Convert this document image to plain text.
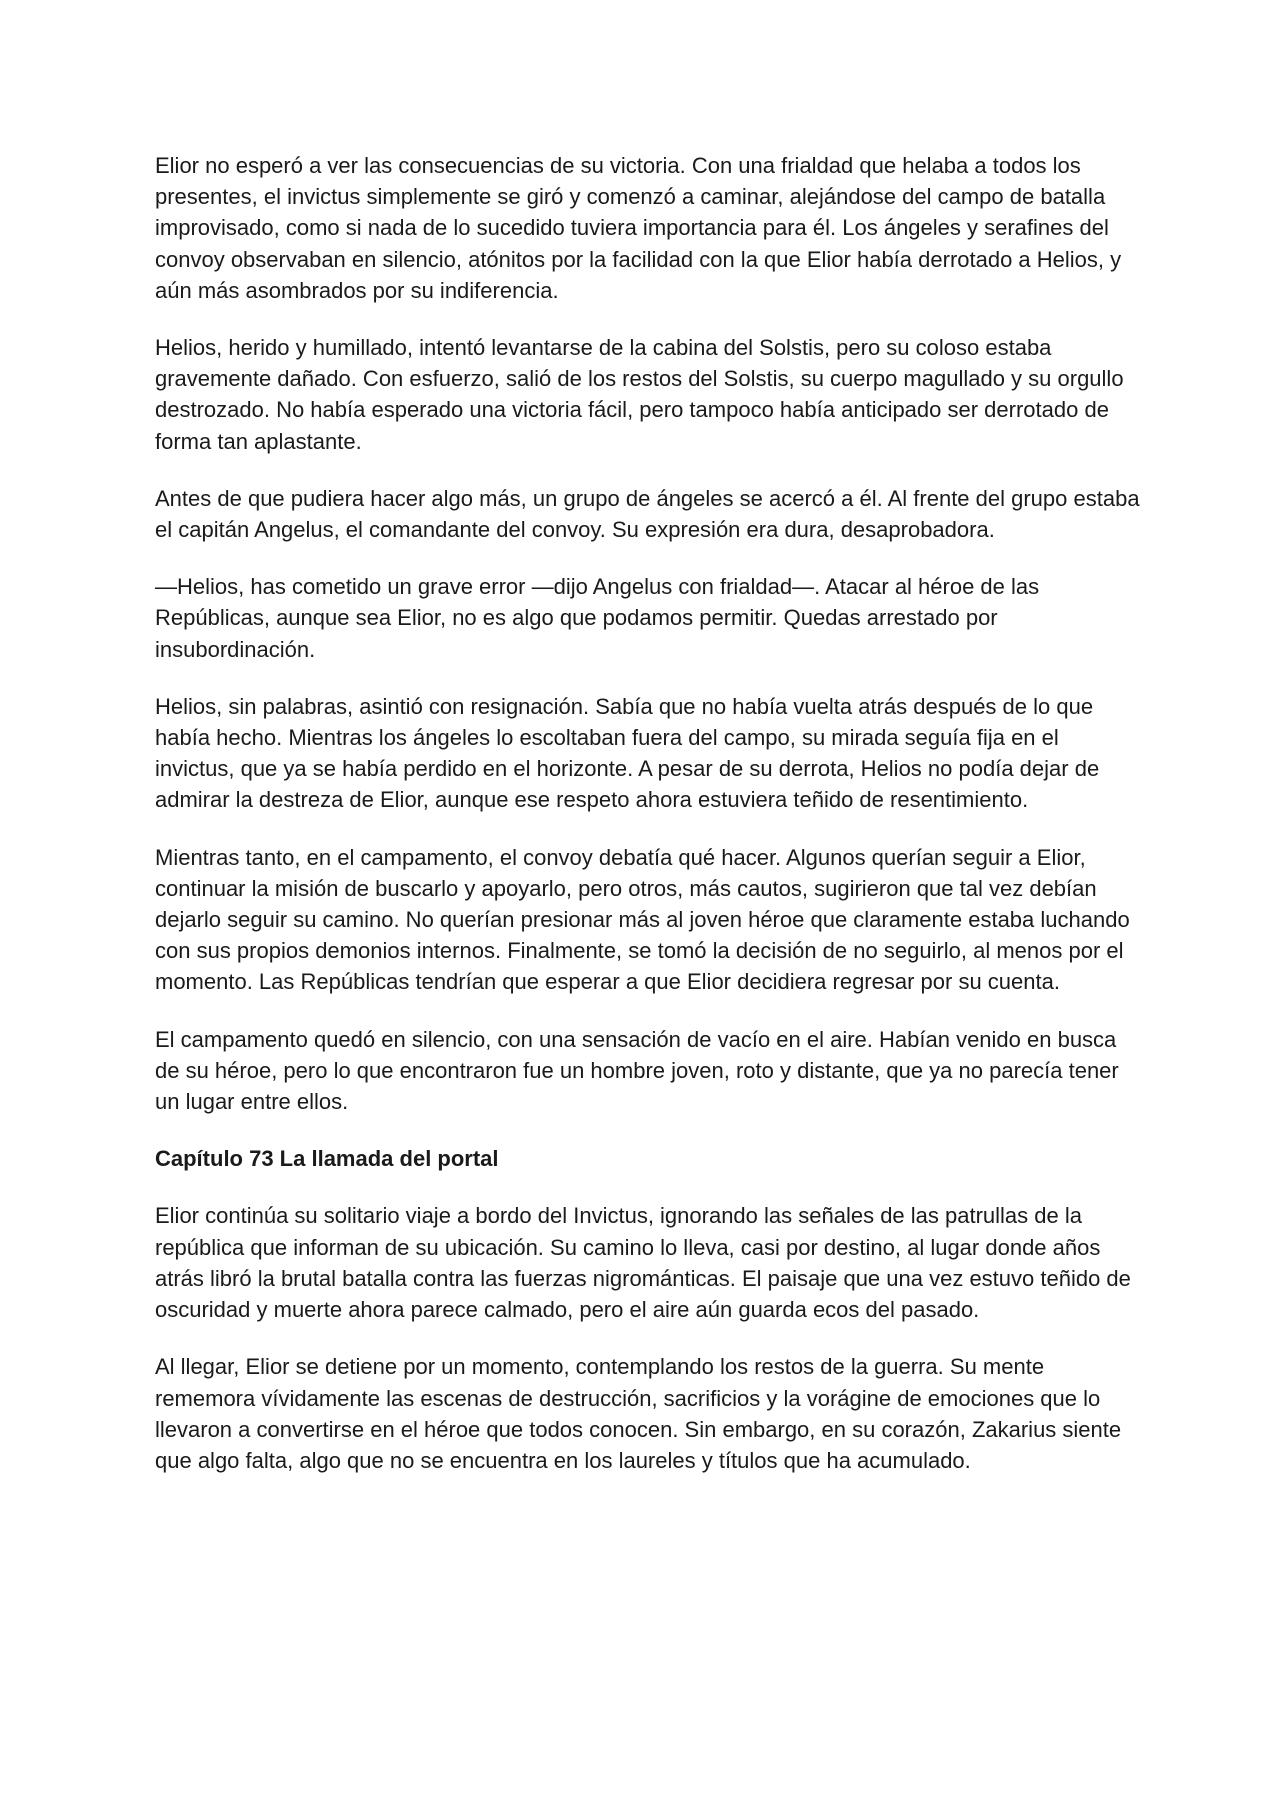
Elior no esperó a ver las consecuencias de su victoria. Con una frialdad que helaba a todos los presentes, el invictus simplemente se giró y comenzó a caminar, alejándose del campo de batalla improvisado, como si nada de lo sucedido tuviera importancia para él. Los ángeles y serafines del convoy observaban en silencio, atónitos por la facilidad con la que Elior había derrotado a Helios, y aún más asombrados por su indiferencia.

Helios, herido y humillado, intentó levantarse de la cabina del Solstis, pero su coloso estaba gravemente dañado. Con esfuerzo, salió de los restos del Solstis, su cuerpo magullado y su orgullo destrozado. No había esperado una victoria fácil, pero tampoco había anticipado ser derrotado de forma tan aplastante.

Antes de que pudiera hacer algo más, un grupo de ángeles se acercó a él. Al frente del grupo estaba el capitán Angelus, el comandante del convoy. Su expresión era dura, desaprobadora.

—Helios, has cometido un grave error —dijo Angelus con frialdad—. Atacar al héroe de las Repúblicas, aunque sea Elior, no es algo que podamos permitir. Quedas arrestado por insubordinación.

Helios, sin palabras, asintió con resignación. Sabía que no había vuelta atrás después de lo que había hecho. Mientras los ángeles lo escoltaban fuera del campo, su mirada seguía fija en el invictus, que ya se había perdido en el horizonte. A pesar de su derrota, Helios no podía dejar de admirar la destreza de Elior, aunque ese respeto ahora estuviera teñido de resentimiento.

Mientras tanto, en el campamento, el convoy debatía qué hacer. Algunos querían seguir a Elior, continuar la misión de buscarlo y apoyarlo, pero otros, más cautos, sugirieron que tal vez debían dejarlo seguir su camino. No querían presionar más al joven héroe que claramente estaba luchando con sus propios demonios internos. Finalmente, se tomó la decisión de no seguirlo, al menos por el momento. Las Repúblicas tendrían que esperar a que Elior decidiera regresar por su cuenta.

El campamento quedó en silencio, con una sensación de vacío en el aire. Habían venido en busca de su héroe, pero lo que encontraron fue un hombre joven, roto y distante, que ya no parecía tener un lugar entre ellos.

Capítulo 73 La llamada del portal

Elior continúa su solitario viaje a bordo del Invictus, ignorando las señales de las patrullas de la república que informan de su ubicación. Su camino lo lleva, casi por destino, al lugar donde años atrás libró la brutal batalla contra las fuerzas nigrománticas. El paisaje que una vez estuvo teñido de oscuridad y muerte ahora parece calmado, pero el aire aún guarda ecos del pasado.

Al llegar, Elior se detiene por un momento, contemplando los restos de la guerra. Su mente rememora vívidamente las escenas de destrucción, sacrificios y la vorágine de emociones que lo llevaron a convertirse en el héroe que todos conocen. Sin embargo, en su corazón, Zakarius siente que algo falta, algo que no se encuentra en los laureles y títulos que ha acumulado.
